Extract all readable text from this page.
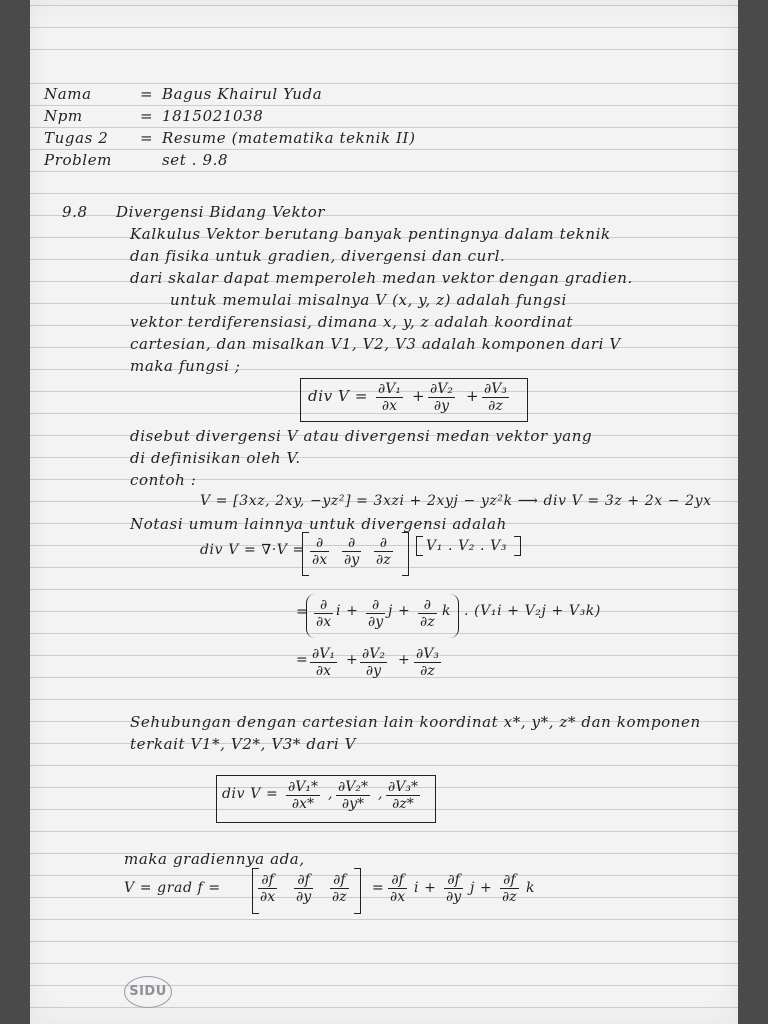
Nama	= Bagus Khairul Yuda
Npm	= 1815021038
Tugas 2 = Resume (matematika teknik II)
Problem	set . 9.8
9.8 Divergensi Bidang Vektor
Kalkulus Vektor berutang banyak pentingnya dalam teknik
dan fisika untuk gradien, divergensi dan curl.
dari skalar dapat memperoleh medan vektor dengan gradien.
untuk memulai misalnya V (x, y, z) adalah fungsi
vektor terdiferensiasi, dimana x, y, z adalah koordinat
cartesian, dan misalkan V1, V2, V3 adalah komponen dari V
maka fungsi ;
div $V = \frac{\text{∂V₁}}{\partial x} + \frac{\text{∂V₂}}{\partial y} + \frac{\text{∂V₃}}{\partial z}$
disebut divergensi V atau divergensi medan vektor yang
di definisikan oleh V.
contoh :
V = [3xz, 2xy, −yz²] = 3xzi + 2xyj − yz²k ⟶ div V = 3z + 2x − 2yx
Notasi umum lainnya untuk divergensi adalah
div V = ∇·V = ∂
∂x
∂
∂y
∂
∂z
V₁ . V₂ . V₃
= ∂
∂x
i + ∂
∂y
j + ∂
∂z
k . (V₁i + V₂j + V₃k)
= $\frac{\text{∂V₁}}{\partial x} + \frac{\text{∂V₂}}{\partial y} + \frac{\text{∂V₃}}{\partial z}$
Sehubungan dengan cartesian lain koordinat x*, y*, z* dan komponen
terkait V1*, V2*, V3* dari V
div $V = \frac{\text{∂V₁*}}{\partial x*}$ , $\frac{\text{∂V₂*}}{\partial y*}$ , $\frac{\text{∂V₃*}}{\partial z*}$
maka gradiennya ada,
V = grad f =	$\frac{\partial f}{\partial x} \frac{\partial f}{\partial y} \frac{\partial f}{\partial z} = \frac{\partial f}{\partial x}$ $i + \frac{\partial f}{\partial y}$ $j + \frac{\partial f}{\partial z}$ k
SIDU
